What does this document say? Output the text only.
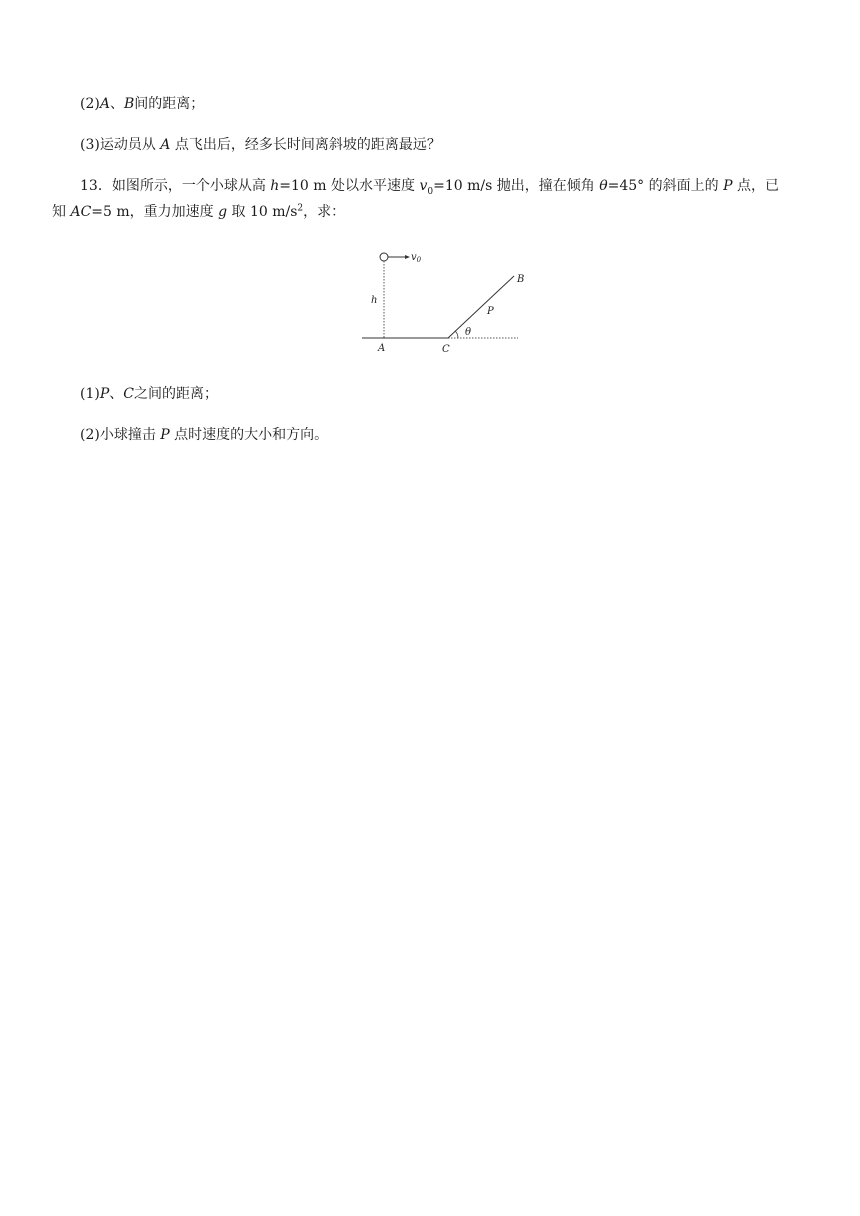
(2)A、B间的距离；
(3)运动员从 A 点飞出后，经多长时间离斜坡的距离最远？
13．如图所示，一个小球从高 h=10 m 处以水平速度 $v_0=10$ m/s 抛出，撞在倾角 θ=45° 的斜面上的 P 点，已
知 AC=5 m，重力加速度 g 取 10 $m/s^2$，求：
$v_0$
h
θ
A	C
B
P
(1)P、C之间的距离；
(2)小球撞击 P 点时速度的大小和方向。
